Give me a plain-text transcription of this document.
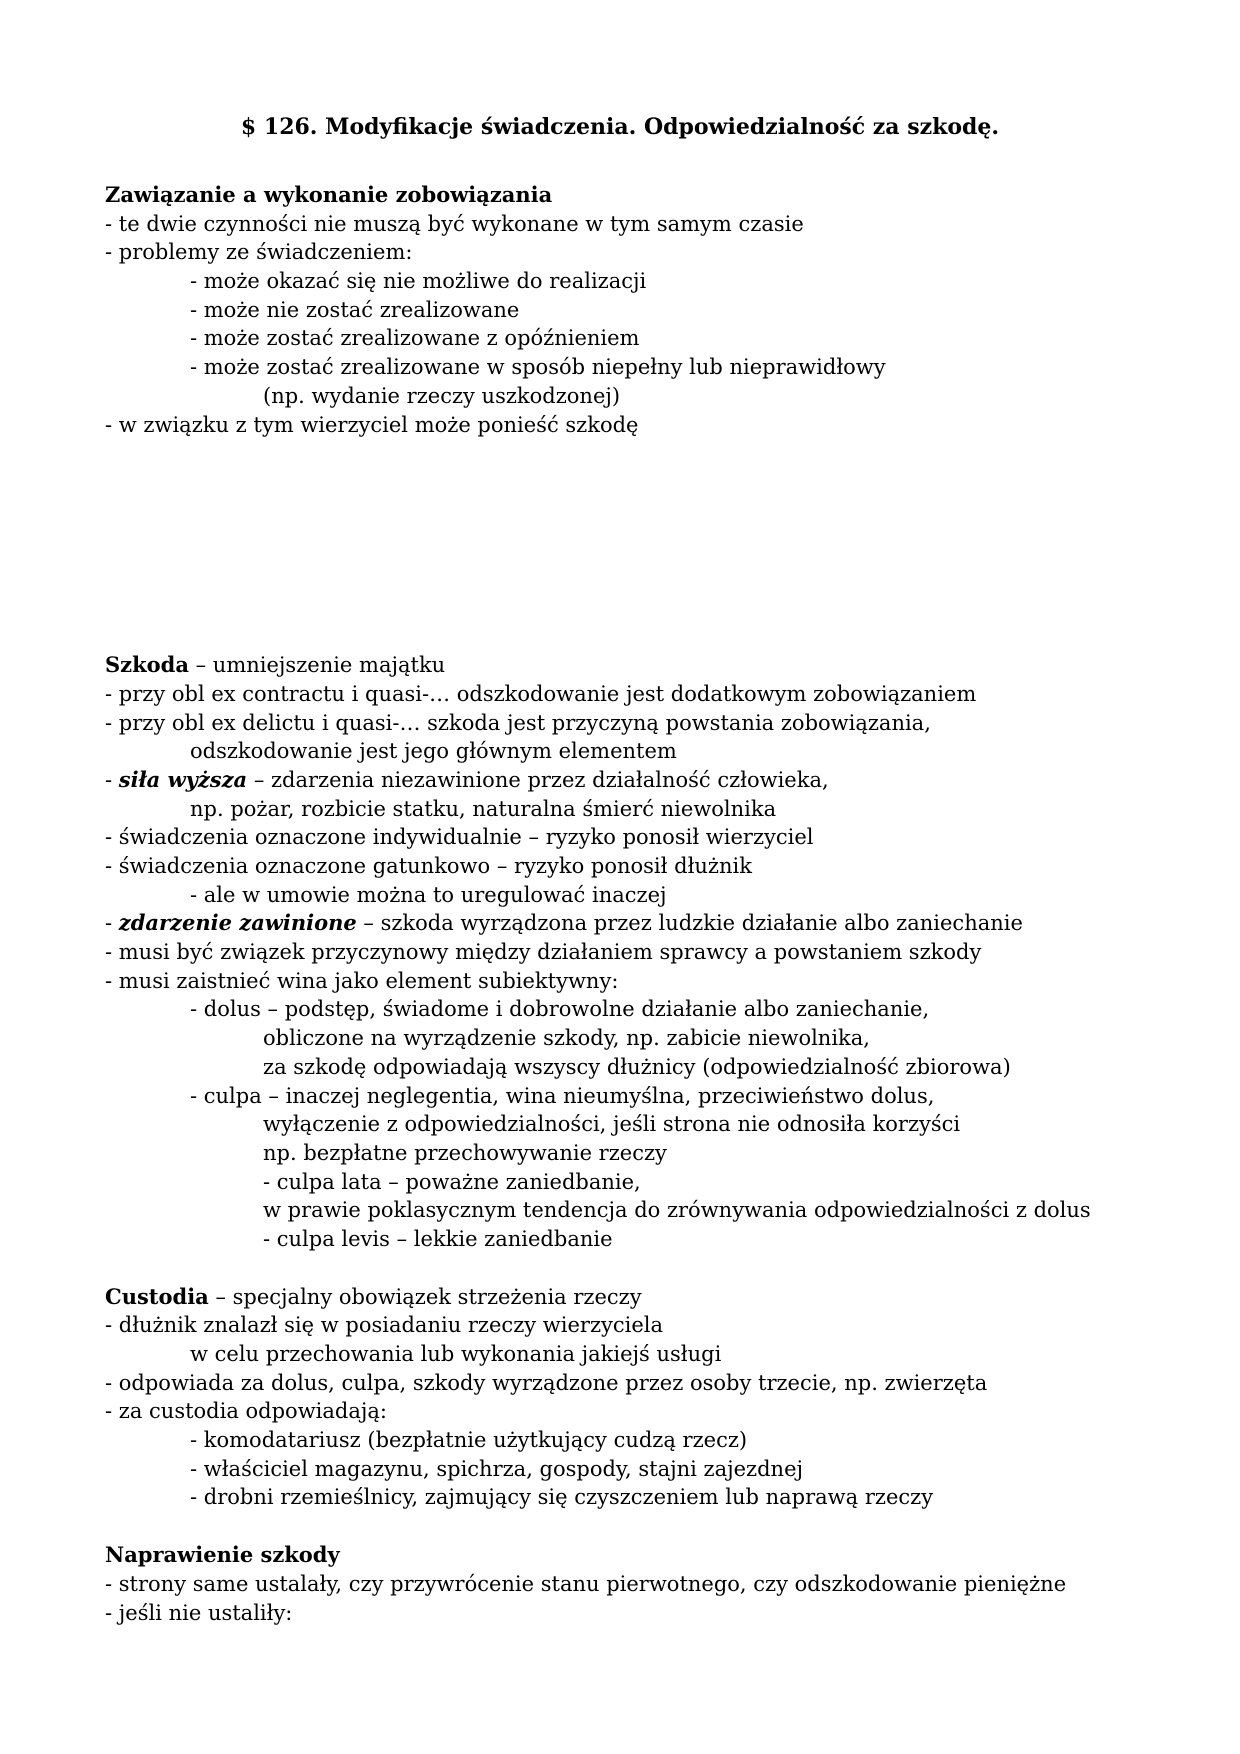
$ 126. Modyfikacje świadczenia. Odpowiedzialność za szkodę.
Zawiązanie a wykonanie zobowiązania
- te dwie czynności nie muszą być wykonane w tym samym czasie
- problemy ze świadczeniem:
- może okazać się nie możliwe do realizacji
- może nie zostać zrealizowane
- może zostać zrealizowane z opóźnieniem
- może zostać zrealizowane w sposób niepełny lub nieprawidłowy
(np. wydanie rzeczy uszkodzonej)
- w związku z tym wierzyciel może ponieść szkodę
Szkoda – umniejszenie majątku
- przy obl ex contractu i quasi-… odszkodowanie jest dodatkowym zobowiązaniem
- przy obl ex delictu i quasi-… szkoda jest przyczyną powstania zobowiązania,
odszkodowanie jest jego głównym elementem
- siła wyższa – zdarzenia niezawinione przez działalność człowieka,
np. pożar, rozbicie statku, naturalna śmierć niewolnika
- świadczenia oznaczone indywidualnie – ryzyko ponosił wierzyciel
- świadczenia oznaczone gatunkowo – ryzyko ponosił dłużnik
- ale w umowie można to uregulować inaczej
- zdarzenie zawinione – szkoda wyrządzona przez ludzkie działanie albo zaniechanie
- musi być związek przyczynowy między działaniem sprawcy a powstaniem szkody
- musi zaistnieć wina jako element subiektywny:
- dolus – podstęp, świadome i dobrowolne działanie albo zaniechanie,
obliczone na wyrządzenie szkody, np. zabicie niewolnika,
za szkodę odpowiadają wszyscy dłużnicy (odpowiedzialność zbiorowa)
- culpa – inaczej neglegentia, wina nieumyślna, przeciwieństwo dolus,
wyłączenie z odpowiedzialności, jeśli strona nie odnosiła korzyści
np. bezpłatne przechowywanie rzeczy
- culpa lata – poważne zaniedbanie,
w prawie poklasycznym tendencja do zrównywania odpowiedzialności z dolus
- culpa levis – lekkie zaniedbanie
Custodia – specjalny obowiązek strzeżenia rzeczy
- dłużnik znalazł się w posiadaniu rzeczy wierzyciela
w celu przechowania lub wykonania jakiejś usługi
- odpowiada za dolus, culpa, szkody wyrządzone przez osoby trzecie, np. zwierzęta
- za custodia odpowiadają:
- komodatariusz (bezpłatnie użytkujący cudzą rzecz)
- właściciel magazynu, spichrza, gospody, stajni zajezdnej
- drobni rzemieślnicy, zajmujący się czyszczeniem lub naprawą rzeczy
Naprawienie szkody
- strony same ustalały, czy przywrócenie stanu pierwotnego, czy odszkodowanie pieniężne
- jeśli nie ustaliły:
